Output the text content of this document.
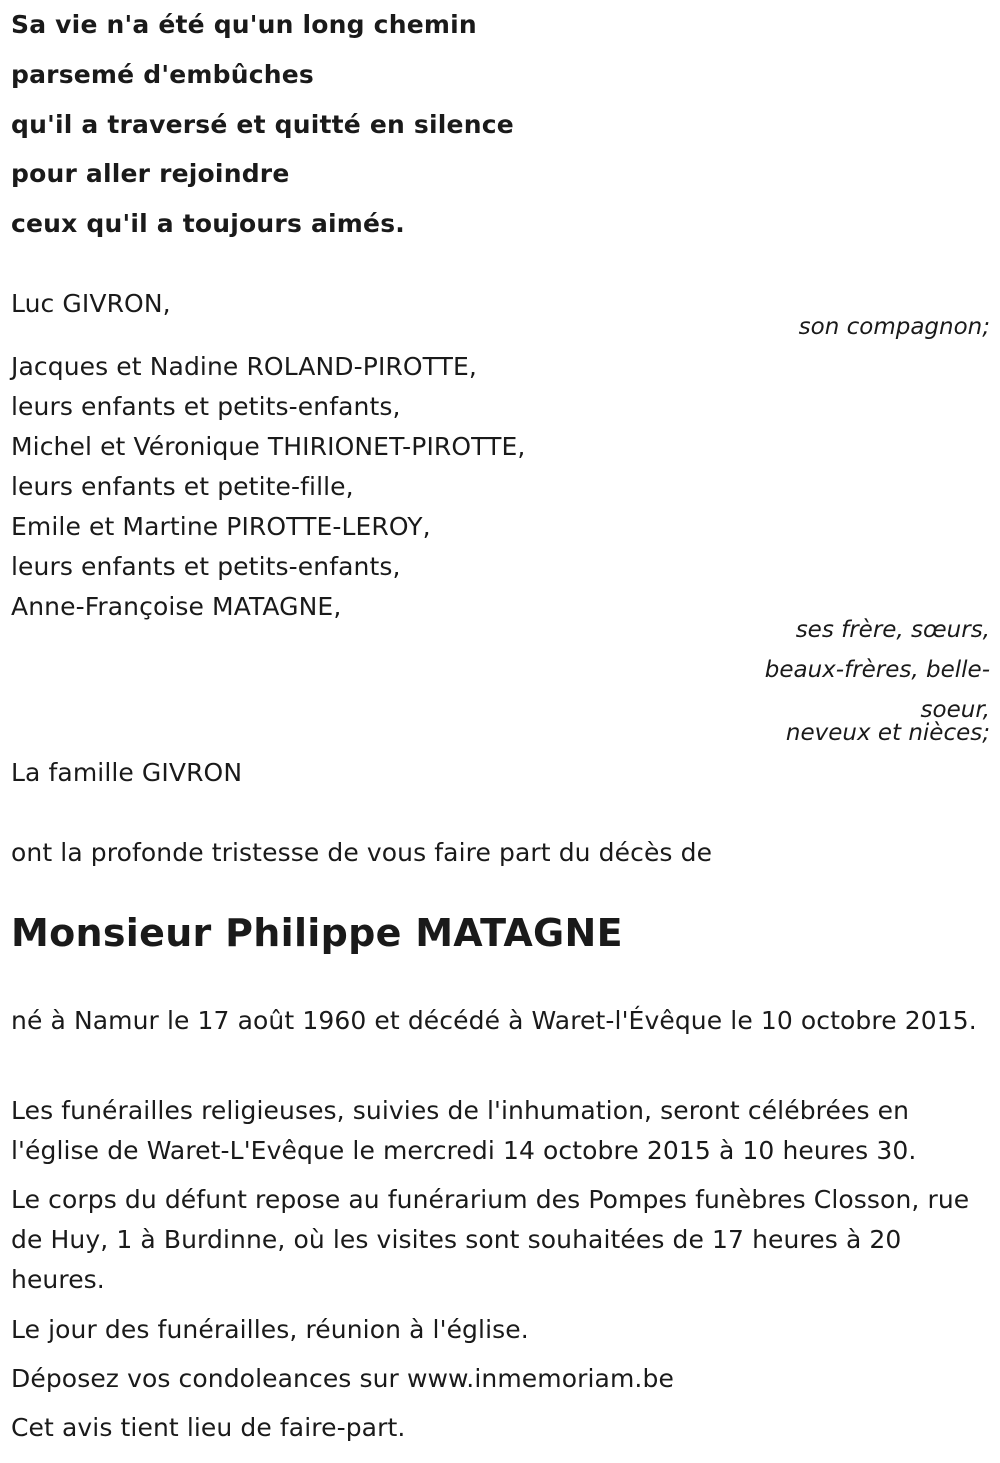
Sa vie n'a été qu'un long chemin
parsemé d'embûches
qu'il a traversé et quitté en silence
pour aller rejoindre
ceux qu'il a toujours aimés.
Luc GIVRON,
son compagnon;
Jacques et Nadine ROLAND-PIROTTE,
leurs enfants et petits-enfants,
Michel et Véronique THIRIONET-PIROTTE,
leurs enfants et petite-fille,
Emile et Martine PIROTTE-LEROY,
leurs enfants et petits-enfants,
Anne-Françoise MATAGNE,
ses frère, sœurs,
beaux-frères, belle-
soeur,
neveux et nièces;
La famille GIVRON
ont la profonde tristesse de vous faire part du décès de
Monsieur Philippe MATAGNE
né à Namur le 17 août 1960 et décédé à Waret-l'Évêque le 10 octobre 2015.
Les funérailles religieuses, suivies de l'inhumation, seront célébrées en l'église de Waret-L'Evêque le mercredi 14 octobre 2015 à 10 heures 30.
Le corps du défunt repose au funérarium des Pompes funèbres Closson, rue de Huy, 1 à Burdinne, où les visites sont souhaitées de 17 heures à 20 heures.
Le jour des funérailles, réunion à l'église.
Déposez vos condoleances sur www.inmemoriam.be
Cet avis tient lieu de faire-part.
